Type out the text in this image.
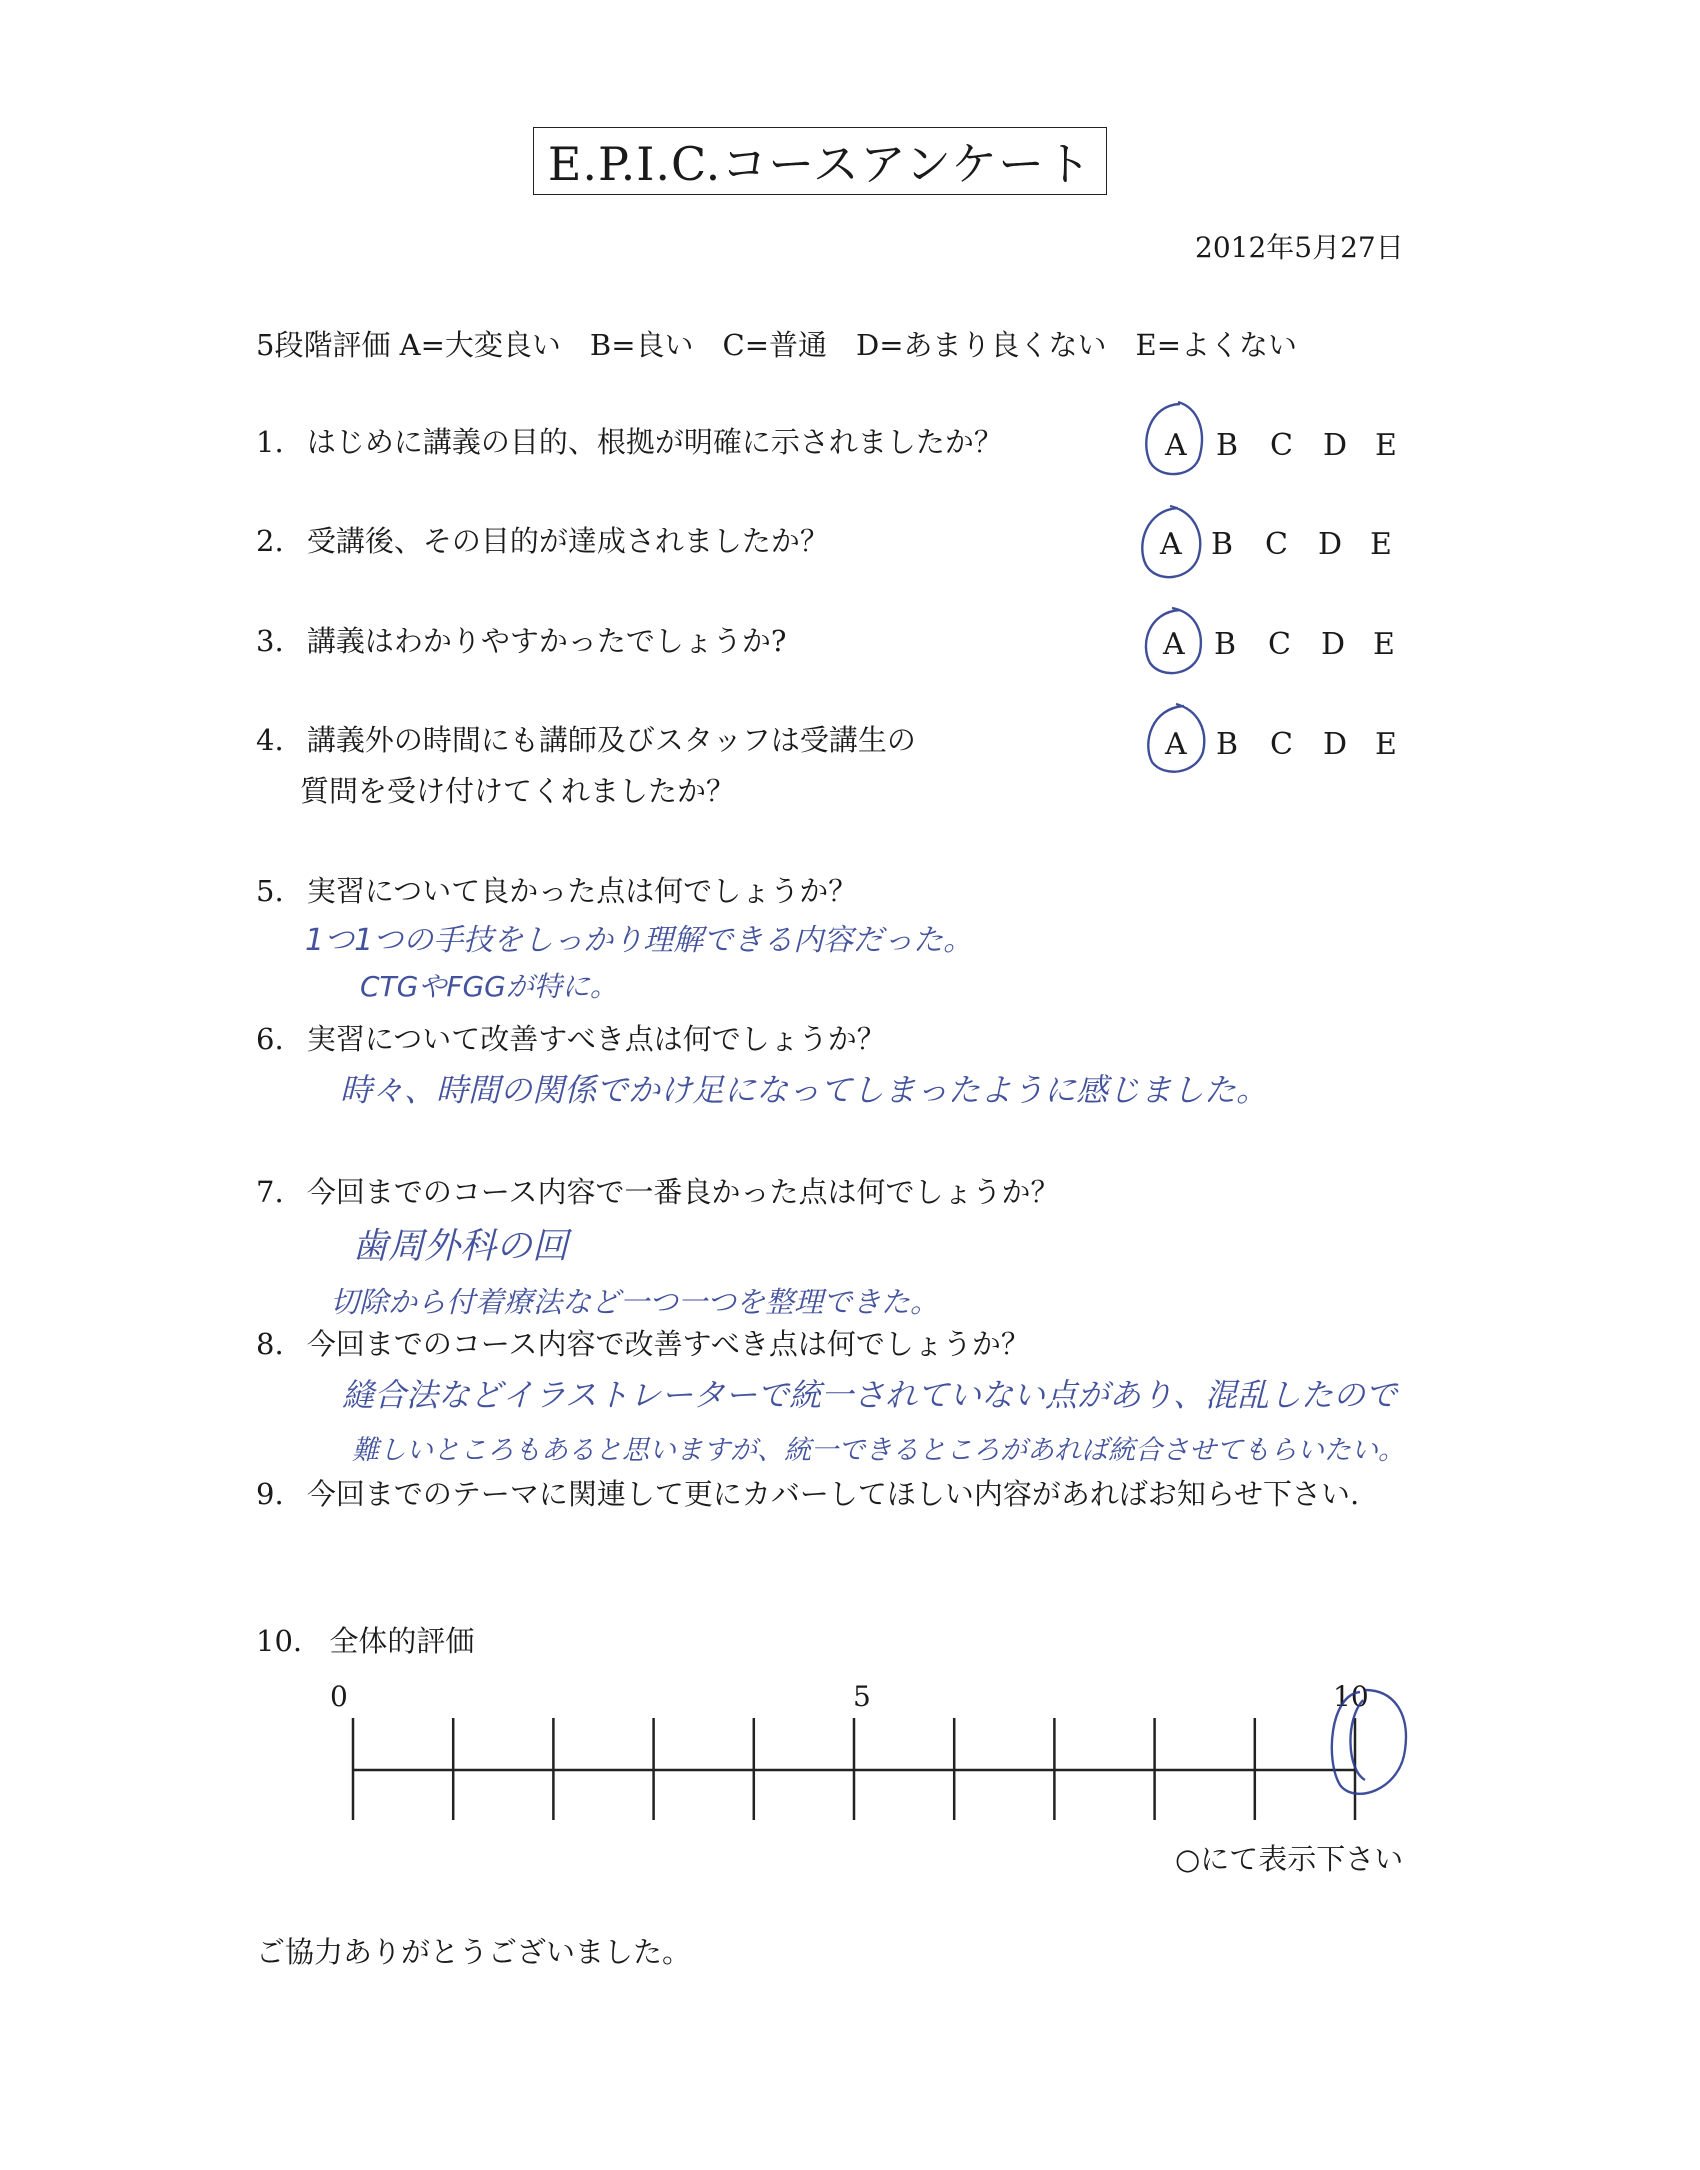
E.P.I.C.コースアンケート
2012年5月27日
5段階評価 A=大変良い　B=良い　C=普通　D=あまり良くない　E=よくない
1. はじめに講義の目的、根拠が明確に示されましたか？	A B C D E
2. 受講後、その目的が達成されましたか？	A B C D E
3. 講義はわかりやすかったでしょうか?	A B C D E
4. 講義外の時間にも講師及びスタッフは受講生の
質問を受け付けてくれましたか？
A B C D E
5. 実習について良かった点は何でしょうか？
1つ1つの手技をしっかり理解できる内容だった。
CTGやFGGが特に。
6. 実習について改善すべき点は何でしょうか？
時々、時間の関係でかけ足になってしまったように感じました。
7. 今回までのコース内容で一番良かった点は何でしょうか？
歯周外科の回
切除から付着療法など一つ一つを整理できた。
8. 今回までのコース内容で改善すべき点は何でしょうか？
縫合法などイラストレーターで統一されていない点があり、混乱したので
難しいところもあると思いますが、統一できるところがあれば統合させてもらいたい。
9. 今回までのテーマに関連して更にカバーしてほしい内容があればお知らせ下さい.
10. 全体的評価
0	5	10
○にて表示下さい
ご協力ありがとうございました。
